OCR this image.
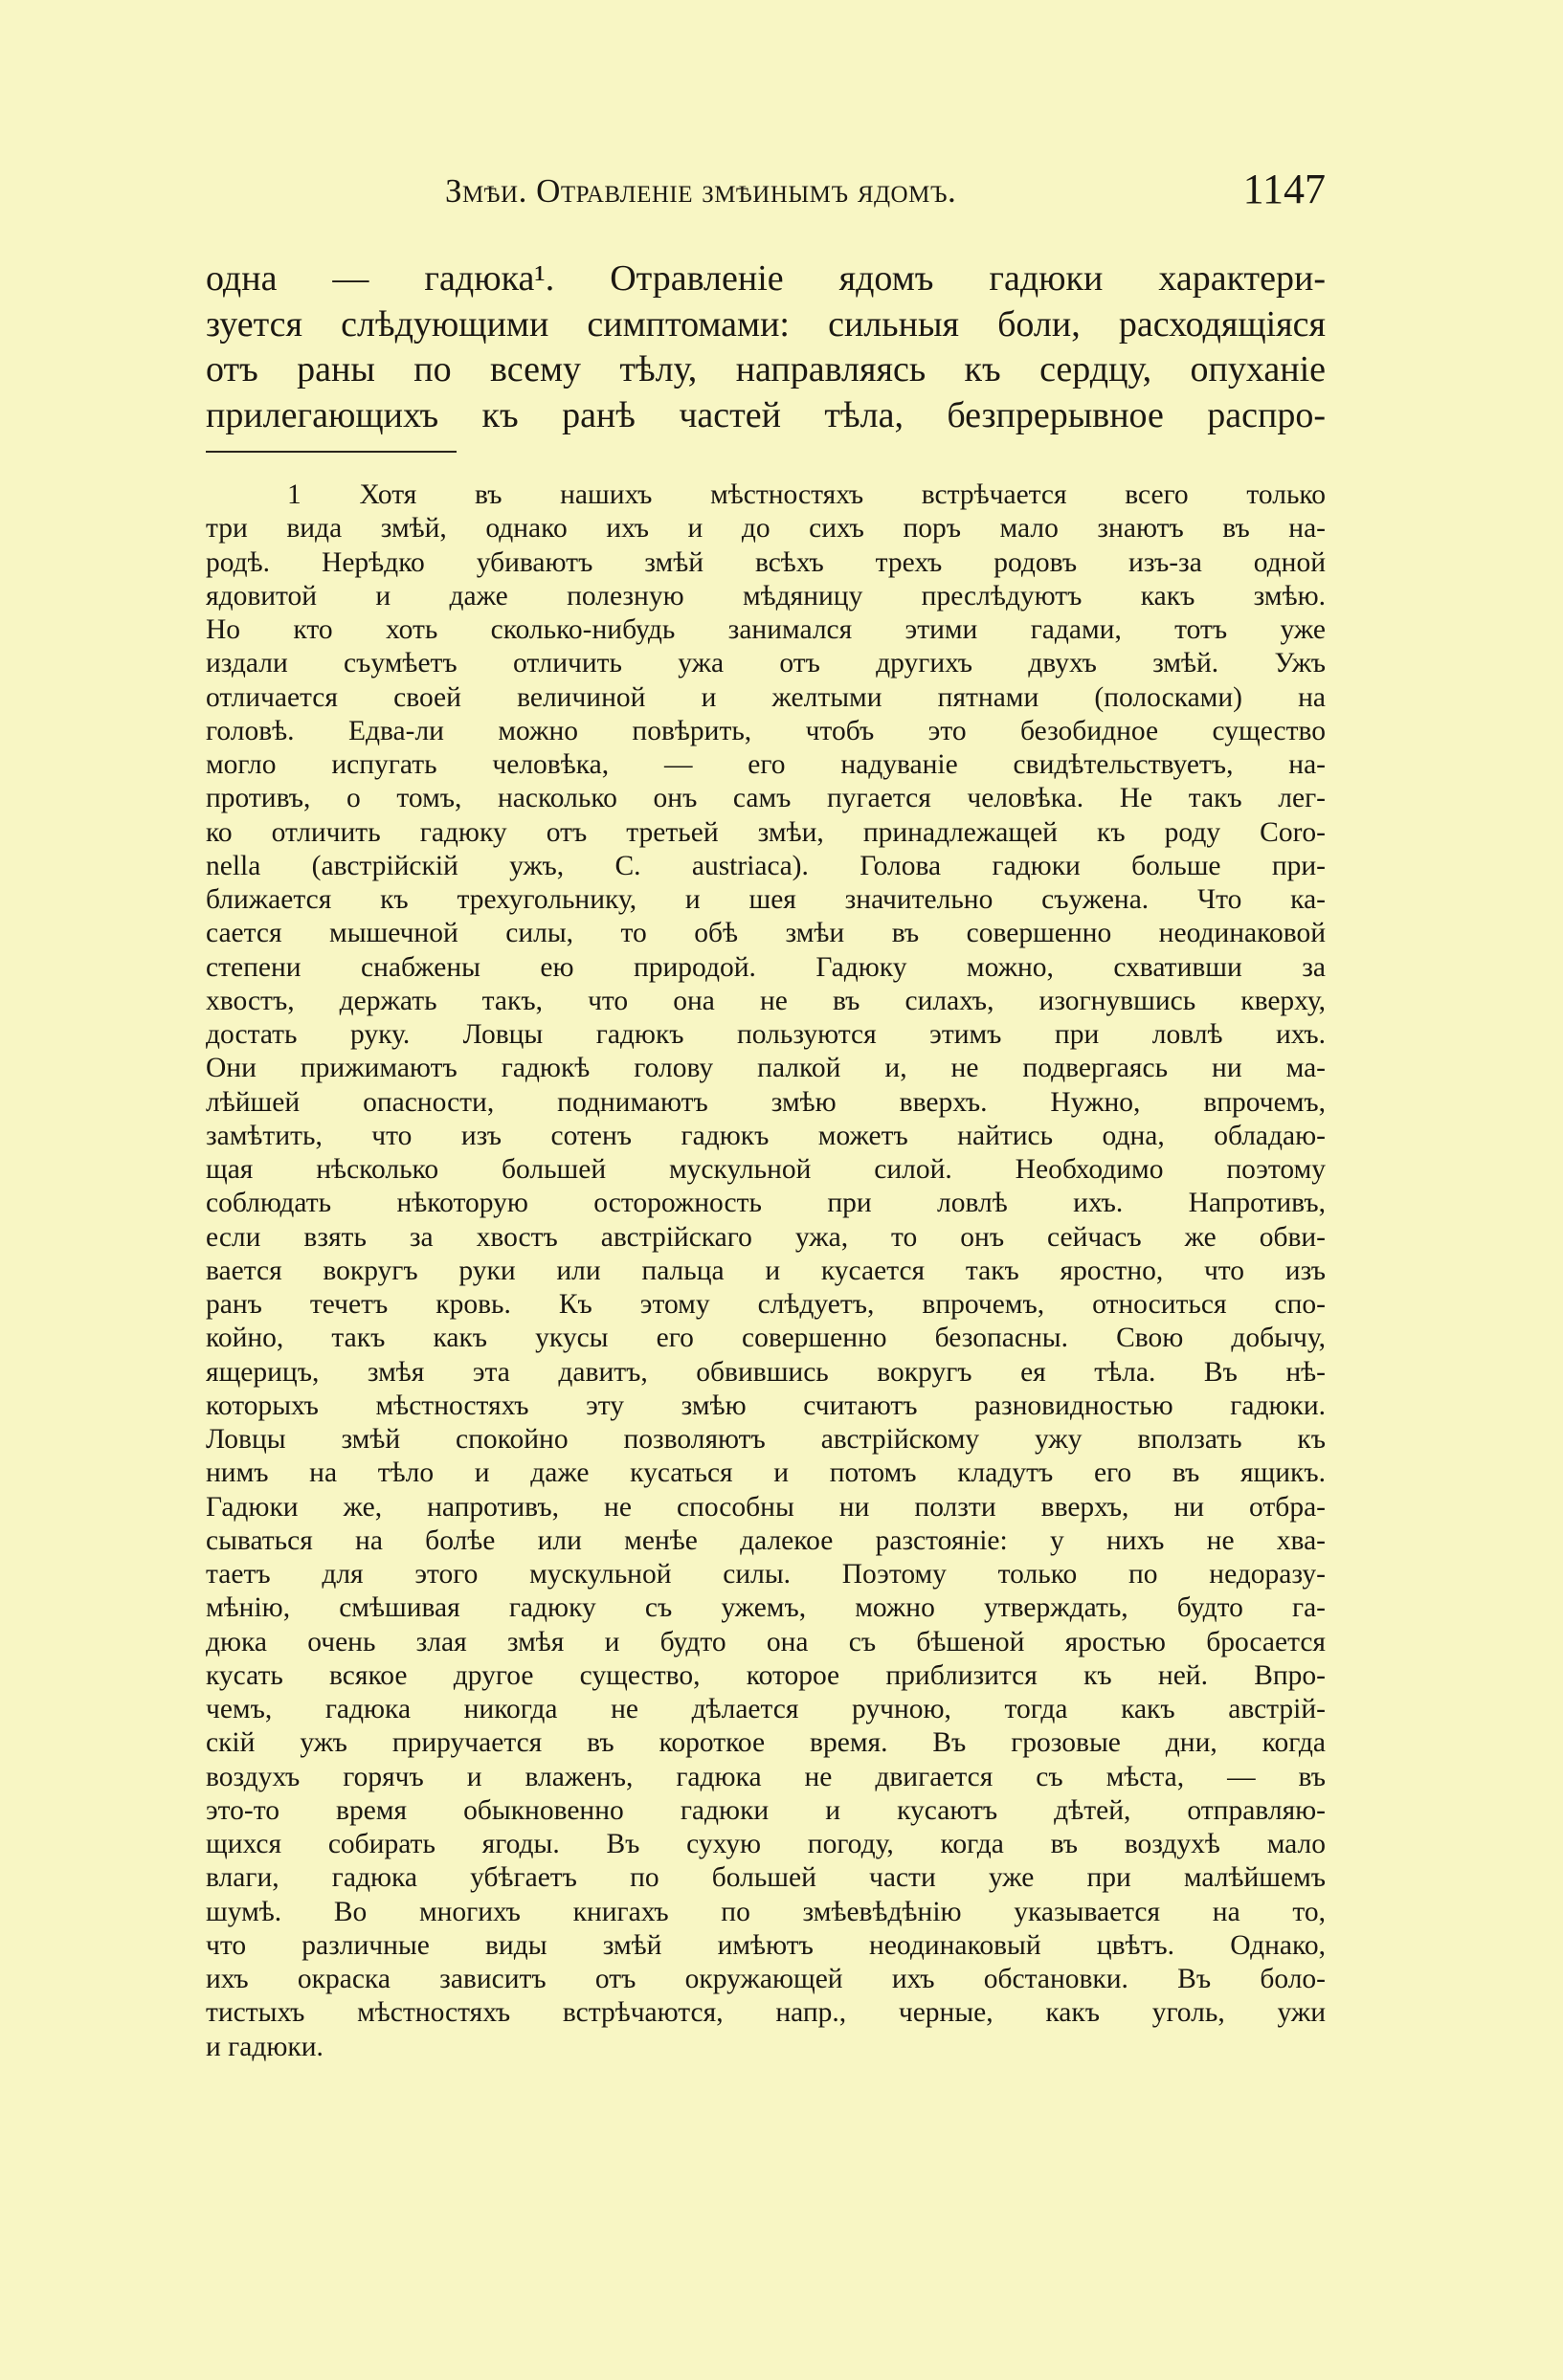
Змѣи. Отравленіе змѣинымъ ядомъ.	1147
одна — гадюка¹. Отравленіе ядомъ гадюки характери-
зуется слѣдующими симптомами: сильныя боли, расходящіяся
отъ раны по всему тѣлу, направляясь къ сердцу, опуханіе
прилегающихъ къ ранѣ частей тѣла, безпрерывное распро-
1 Хотя въ нашихъ мѣстностяхъ встрѣчается всего только
три вида змѣй, однако ихъ и до сихъ поръ мало знаютъ въ на-
родѣ. Нерѣдко убиваютъ змѣй всѣхъ трехъ родовъ изъ-за одной
ядовитой и даже полезную мѣдяницу преслѣдуютъ какъ змѣю.
Но кто хоть сколько-нибудь занимался этими гадами, тотъ уже
издали съумѣетъ отличить ужа отъ другихъ двухъ змѣй. Ужъ
отличается своей величиной и желтыми пятнами (полосками) на
головѣ. Едва-ли можно повѣрить, чтобъ это безобидное существо
могло испугать человѣка, — его надуваніе свидѣтельствуетъ, на-
противъ, о томъ, насколько онъ самъ пугается человѣка. Не такъ лег-
ко отличить гадюку отъ третьей змѣи, принадлежащей къ роду Coro-
nella (австрійскій ужъ, C. austriaca). Голова гадюки больше при-
ближается къ трехугольнику, и шея значительно съужена. Что ка-
сается мышечной силы, то обѣ змѣи въ совершенно неодинаковой
степени снабжены ею природой. Гадюку можно, схвативши за
хвостъ, держать такъ, что она не въ силахъ, изогнувшись кверху,
достать руку. Ловцы гадюкъ пользуются этимъ при ловлѣ ихъ.
Они прижимаютъ гадюкѣ голову палкой и, не подвергаясь ни ма-
лѣйшей опасности, поднимаютъ змѣю вверхъ. Нужно, впрочемъ,
замѣтить, что изъ сотенъ гадюкъ можетъ найтись одна, обладаю-
щая нѣсколько большей мускульной силой. Необходимо поэтому
соблюдать нѣкоторую осторожность при ловлѣ ихъ. Напротивъ,
если взять за хвостъ австрійскаго ужа, то онъ сейчасъ же обви-
вается вокругъ руки или пальца и кусается такъ яростно, что изъ
ранъ течетъ кровь. Къ этому слѣдуетъ, впрочемъ, относиться спо-
койно, такъ какъ укусы его совершенно безопасны. Свою добычу,
ящерицъ, змѣя эта давитъ, обвившись вокругъ ея тѣла. Въ нѣ-
которыхъ мѣстностяхъ эту змѣю считаютъ разновидностью гадюки.
Ловцы змѣй спокойно позволяютъ австрійскому ужу вползать къ
нимъ на тѣло и даже кусаться и потомъ кладутъ его въ ящикъ.
Гадюки же, напротивъ, не способны ни ползти вверхъ, ни отбра-
сываться на болѣе или менѣе далекое разстояніе: у нихъ не хва-
таетъ для этого мускульной силы. Поэтому только по недоразу-
мѣнію, смѣшивая гадюку съ ужемъ, можно утверждать, будто га-
дюка очень злая змѣя и будто она съ бѣшеной яростью бросается
кусать всякое другое существо, которое приблизится къ ней. Впро-
чемъ, гадюка никогда не дѣлается ручною, тогда какъ австрій-
скій ужъ приручается въ короткое время. Въ грозовые дни, когда
воздухъ горячъ и влаженъ, гадюка не двигается съ мѣста, — въ
это-то время обыкновенно гадюки и кусаютъ дѣтей, отправляю-
щихся собирать ягоды. Въ сухую погоду, когда въ воздухѣ мало
влаги, гадюка убѣгаетъ по большей части уже при малѣйшемъ
шумѣ. Во многихъ книгахъ по змѣевѣдѣнію указывается на то,
что различные виды змѣй имѣютъ неодинаковый цвѣтъ. Однако,
ихъ окраска зависитъ отъ окружающей ихъ обстановки. Въ боло-
тистыхъ мѣстностяхъ встрѣчаются, напр., черные, какъ уголь, ужи
и гадюки.
